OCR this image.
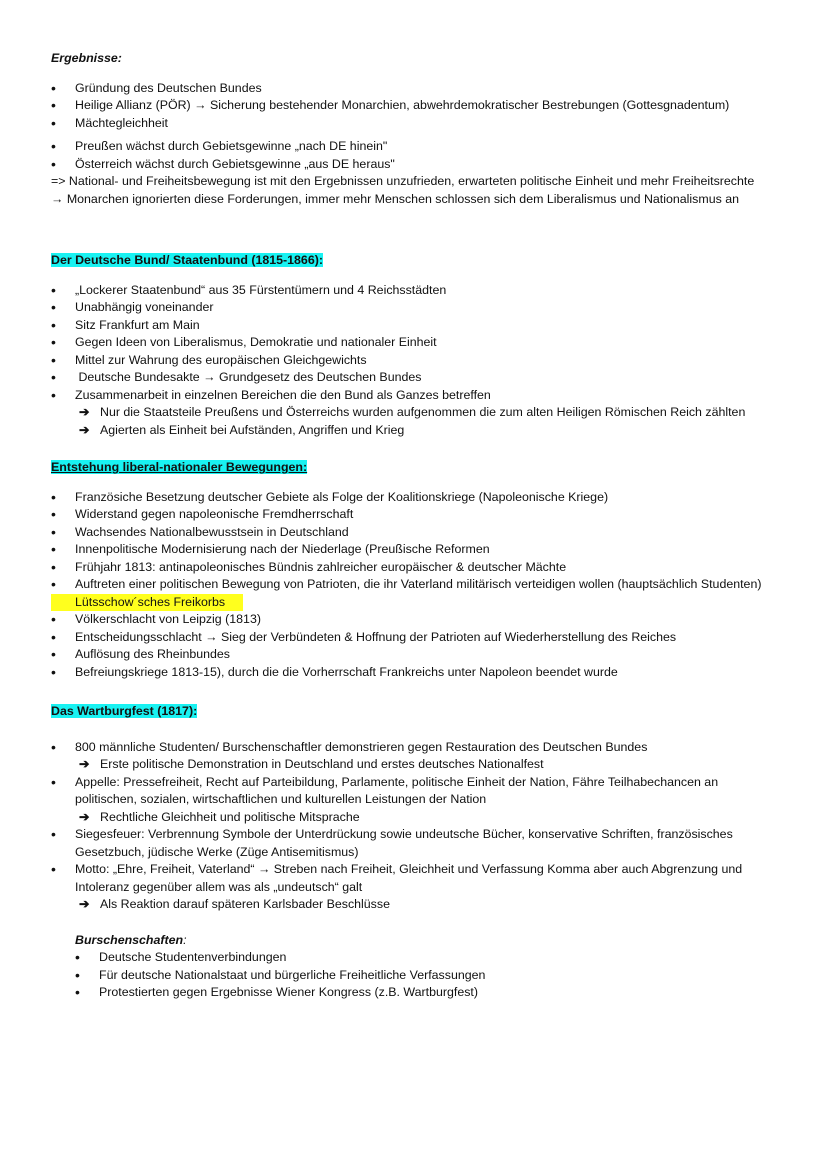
Ergebnisse:

• Gründung des Deutschen Bundes
• Heilige Allianz (PÖR) → Sicherung bestehender Monarchien, abwehrdemokratischer Bestrebungen (Gottesgnadentum)
• Mächtegleichheit
• Preußen wächst durch Gebietsgewinne „nach DE hinein"
• Österreich wächst durch Gebietsgewinne „aus DE heraus"

=> National- und Freiheitsbewegung ist mit den Ergebnissen unzufrieden, erwarteten politische Einheit und mehr Freiheitsrechte

→ Monarchen ignorierten diese Forderungen, immer mehr Menschen schlossen sich dem Liberalismus und Nationalismus an

Der Deutsche Bund/ Staatenbund (1815-1866):
• „Lockerer Staatenbund“ aus 35 Fürstentümern und 4 Reichsstädten
• Unabhängig voneinander
• Sitz Frankfurt am Main
• Gegen Ideen von Liberalismus, Demokratie und nationaler Einheit
• Mittel zur Wahrung des europäischen Gleichgewichts
•  Deutsche Bundesakte → Grundgesetz des Deutschen Bundes
• Zusammenarbeit in einzelnen Bereichen die den Bund als Ganzes betreffen
➔ Nur die Staatsteile Preußens und Österreichs wurden aufgenommen die zum alten Heiligen Römischen Reich zählten
➔ Agierten als Einheit bei Aufständen, Angriffen und Krieg
Entstehung liberal-nationaler Bewegungen:
• Französiche Besetzung deutscher Gebiete als Folge der Koalitionskriege (Napoleonische Kriege)
• Widerstand gegen napoleonische Fremdherrschaft
• Wachsendes Nationalbewusstsein in Deutschland
• Innenpolitische Modernisierung nach der Niederlage (Preußische Reformen
• Frühjahr 1813: antinapoleonisches Bündnis zahlreicher europäischer & deutscher Mächte
• Auftreten einer politischen Bewegung von Patrioten, die ihr Vaterland militärisch verteidigen wollen (hauptsächlich Studenten)
• Lütsschow´sches Freikorbs
• Völkerschlacht von Leipzig (1813)
• Entscheidungsschlacht → Sieg der Verbündeten & Hoffnung der Patrioten auf Wiederherstellung des Reiches
• Auflösung des Rheinbundes
• Befreiungskriege 1813-15), durch die die Vorherrschaft Frankreichs unter Napoleon beendet wurde
Das Wartburgfest (1817):
• 800 männliche Studenten/ Burschenschaftler demonstrieren gegen Restauration des Deutschen Bundes
➔ Erste politische Demonstration in Deutschland und erstes deutsches Nationalfest
• Appelle: Pressefreiheit, Recht auf Parteibildung, Parlamente, politische Einheit der Nation, Fähre Teilhabechancen an politischen, sozialen, wirtschaftlichen und kulturellen Leistungen der Nation
➔ Rechtliche Gleichheit und politische Mitsprache
• Siegesfeuer: Verbrennung Symbole der Unterdrückung sowie undeutsche Bücher, konservative Schriften, französisches Gesetzbuch, jüdische Werke (Züge Antisemitismus)
• Motto: „Ehre, Freiheit, Vaterland“ → Streben nach Freiheit, Gleichheit und Verfassung Komma aber auch Abgrenzung und Intoleranz gegenüber allem was als „undeutsch“ galt
➔ Als Reaktion darauf späteren Karlsbader Beschlüsse

Burschenschaften:

• Deutsche Studentenverbindungen
• Für deutsche Nationalstaat und bürgerliche Freiheitliche Verfassungen
• Protestierten gegen Ergebnisse Wiener Kongress (z.B. Wartburgfest)
